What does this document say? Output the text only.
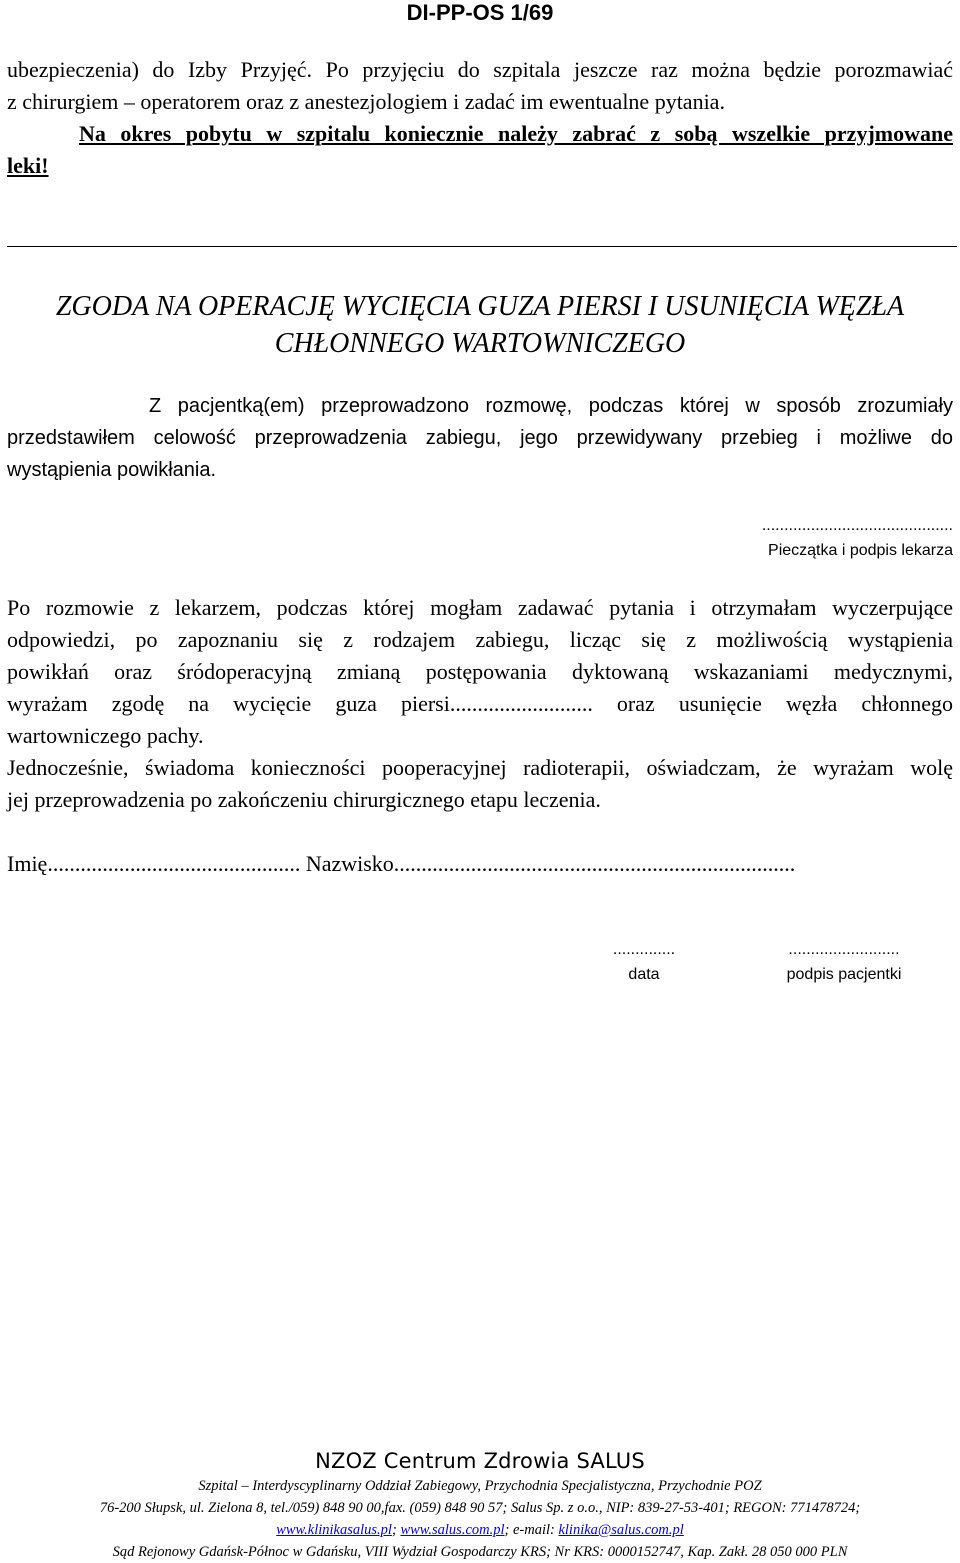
DI-PP-OS 1/69
ubezpieczenia) do Izby Przyjęć. Po przyjęciu do szpitala jeszcze raz można będzie porozmawiać
z chirurgiem – operatorem oraz z anestezjologiem i zadać im ewentualne pytania.
Na okres pobytu w szpitalu koniecznie należy zabrać z sobą wszelkie przyjmowane
leki!
ZGODA NA OPERACJĘ WYCIĘCIA GUZA PIERSI I USUNIĘCIA WĘZŁA
CHŁONNEGO WARTOWNICZEGO
Z pacjentką(em) przeprowadzono rozmowę, podczas której w sposób zrozumiały
przedstawiłem celowość przeprowadzenia zabiegu, jego przewidywany przebieg i możliwe do
wystąpienia powikłania.
...........................................
Pieczątka i podpis lekarza
Po rozmowie z lekarzem, podczas której mogłam zadawać pytania i otrzymałam wyczerpujące
odpowiedzi, po zapoznaniu się z rodzajem zabiegu, licząc się z możliwością wystąpienia
powikłań oraz śródoperacyjną zmianą postępowania dyktowaną wskazaniami medycznymi,
wyrażam zgodę na wycięcie guza piersi.......................... oraz usunięcie węzła chłonnego
wartowniczego pachy.
Jednocześnie, świadoma konieczności pooperacyjnej radioterapii, oświadczam, że wyrażam wolę
jej przeprowadzenia po zakończeniu chirurgicznego etapu leczenia.
Imię.............................................. Nazwisko.........................................................................
..............
data
.........................
podpis pacjentki
NZOZ Centrum Zdrowia SALUS
Szpital – Interdyscyplinarny Oddział Zabiegowy, Przychodnia Specjalistyczna, Przychodnie POZ
76-200 Słupsk, ul. Zielona 8, tel./059) 848 90 00,fax. (059) 848 90 57; Salus Sp. z o.o., NIP: 839-27-53-401; REGON: 771478724;
www.klinikasalus.pl; www.salus.com.pl; e-mail: klinika@salus.com.pl
Sąd Rejonowy Gdańsk-Północ w Gdańsku, VIII Wydział Gospodarczy KRS; Nr KRS: 0000152747, Kap. Zakł. 28 050 000 PLN
